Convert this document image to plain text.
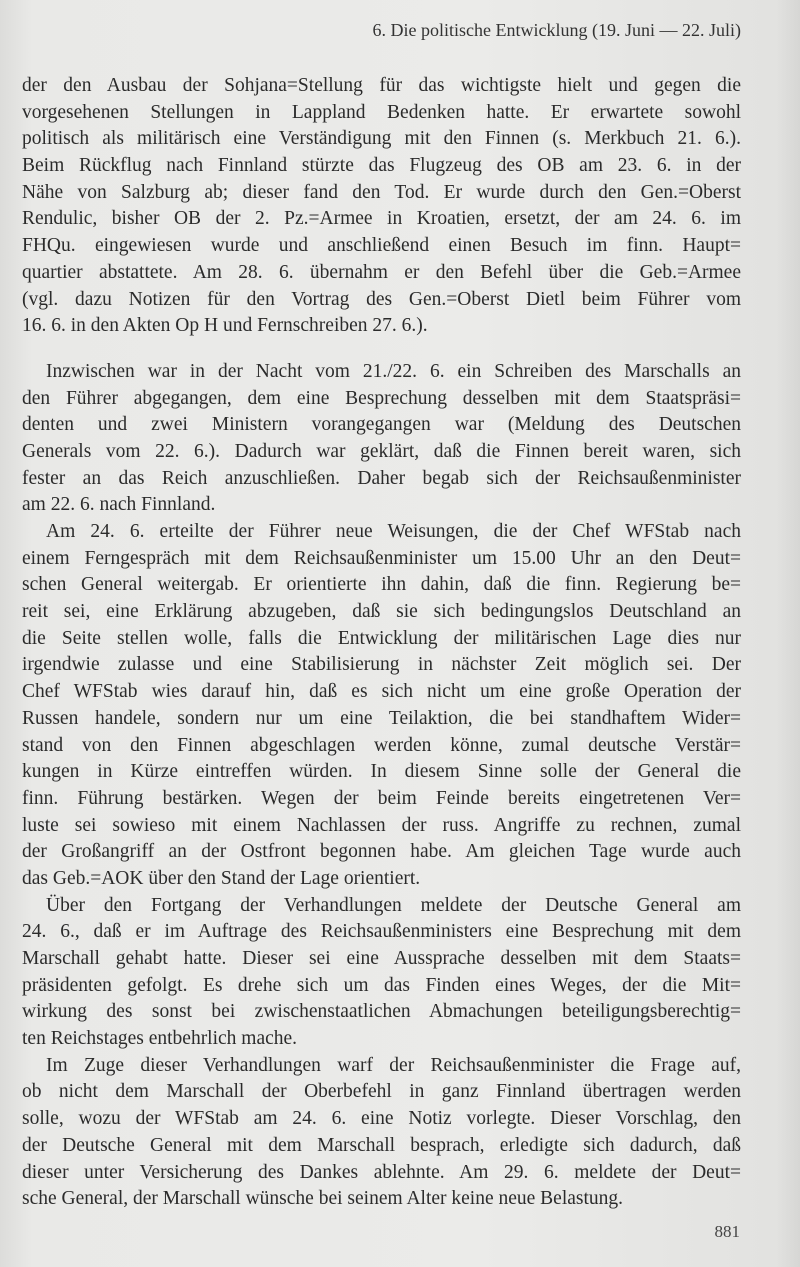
6. Die politische Entwicklung (19. Juni — 22. Juli)
der den Ausbau der Sohjana=Stellung für das wichtigste hielt und gegen die
vorgesehenen Stellungen in Lappland Bedenken hatte. Er erwartete sowohl
politisch als militärisch eine Verständigung mit den Finnen (s. Merkbuch 21. 6.).
Beim Rückflug nach Finnland stürzte das Flugzeug des OB am 23. 6. in der
Nähe von Salzburg ab; dieser fand den Tod. Er wurde durch den Gen.=Oberst
Rendulic, bisher OB der 2. Pz.=Armee in Kroatien, ersetzt, der am 24. 6. im
FHQu. eingewiesen wurde und anschließend einen Besuch im finn. Haupt=
quartier abstattete. Am 28. 6. übernahm er den Befehl über die Geb.=Armee
(vgl. dazu Notizen für den Vortrag des Gen.=Oberst Dietl beim Führer vom
16. 6. in den Akten Op H und Fernschreiben 27. 6.).
Inzwischen war in der Nacht vom 21./22. 6. ein Schreiben des Marschalls an
den Führer abgegangen, dem eine Besprechung desselben mit dem Staatspräsi=
denten und zwei Ministern vorangegangen war (Meldung des Deutschen
Generals vom 22. 6.). Dadurch war geklärt, daß die Finnen bereit waren, sich
fester an das Reich anzuschließen. Daher begab sich der Reichsaußenminister
am 22. 6. nach Finnland.
Am 24. 6. erteilte der Führer neue Weisungen, die der Chef WFStab nach
einem Ferngespräch mit dem Reichsaußenminister um 15.00 Uhr an den Deut=
schen General weitergab. Er orientierte ihn dahin, daß die finn. Regierung be=
reit sei, eine Erklärung abzugeben, daß sie sich bedingungslos Deutschland an
die Seite stellen wolle, falls die Entwicklung der militärischen Lage dies nur
irgendwie zulasse und eine Stabilisierung in nächster Zeit möglich sei. Der
Chef WFStab wies darauf hin, daß es sich nicht um eine große Operation der
Russen handele, sondern nur um eine Teilaktion, die bei standhaftem Wider=
stand von den Finnen abgeschlagen werden könne, zumal deutsche Verstär=
kungen in Kürze eintreffen würden. In diesem Sinne solle der General die
finn. Führung bestärken. Wegen der beim Feinde bereits eingetretenen Ver=
luste sei sowieso mit einem Nachlassen der russ. Angriffe zu rechnen, zumal
der Großangriff an der Ostfront begonnen habe. Am gleichen Tage wurde auch
das Geb.=AOK über den Stand der Lage orientiert.
Über den Fortgang der Verhandlungen meldete der Deutsche General am
24. 6., daß er im Auftrage des Reichsaußenministers eine Besprechung mit dem
Marschall gehabt hatte. Dieser sei eine Aussprache desselben mit dem Staats=
präsidenten gefolgt. Es drehe sich um das Finden eines Weges, der die Mit=
wirkung des sonst bei zwischenstaatlichen Abmachungen beteiligungsberechtig=
ten Reichstages entbehrlich mache.
Im Zuge dieser Verhandlungen warf der Reichsaußenminister die Frage auf,
ob nicht dem Marschall der Oberbefehl in ganz Finnland übertragen werden
solle, wozu der WFStab am 24. 6. eine Notiz vorlegte. Dieser Vorschlag, den
der Deutsche General mit dem Marschall besprach, erledigte sich dadurch, daß
dieser unter Versicherung des Dankes ablehnte. Am 29. 6. meldete der Deut=
sche General, der Marschall wünsche bei seinem Alter keine neue Belastung.
881
